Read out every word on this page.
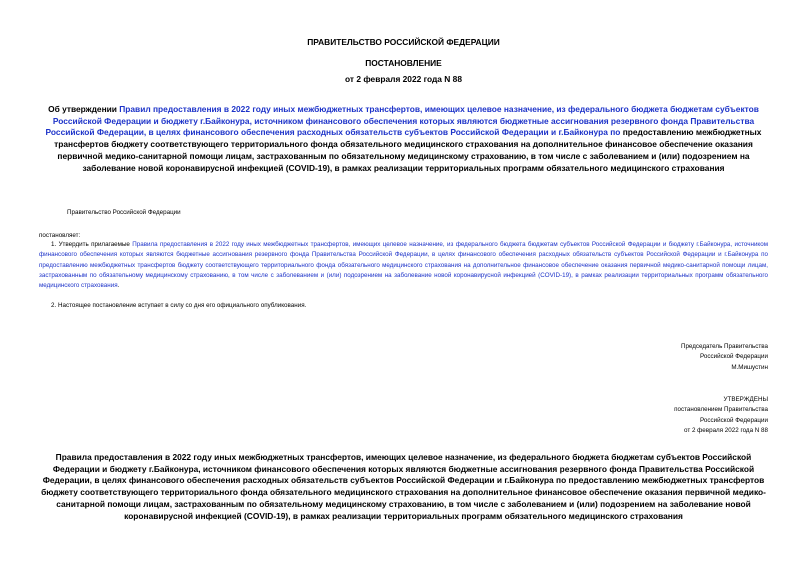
ПРАВИТЕЛЬСТВО РОССИЙСКОЙ ФЕДЕРАЦИИ
ПОСТАНОВЛЕНИЕ
от 2 февраля 2022 года N 88
Об утверждении Правил предоставления в 2022 году иных межбюджетных трансфертов, имеющих целевое назначение, из федерального бюджета бюджетам субъектов Российской Федерации и бюджету г.Байконура, источником финансового обеспечения которых являются бюджетные ассигнования резервного фонда Правительства Российской Федерации, в целях финансового обеспечения расходных обязательств субъектов Российской Федерации и г.Байконура по предоставлению межбюджетных трансфертов бюджету соответствующего территориального фонда обязательного медицинского страхования на дополнительное финансовое обеспечение оказания первичной медико-санитарной помощи лицам, застрахованным по обязательному медицинскому страхованию, в том числе с заболеванием и (или) подозрением на заболевание новой коронавирусной инфекцией (COVID-19), в рамках реализации территориальных программ обязательного медицинского страхования
Правительство Российской Федерации
постановляет:
1. Утвердить прилагаемые Правила предоставления в 2022 году иных межбюджетных трансфертов, имеющих целевое назначение, из федерального бюджета бюджетам субъектов Российской Федерации и бюджету г.Байконура, источником финансового обеспечения которых являются бюджетные ассигнования резервного фонда Правительства Российской Федерации, в целях финансового обеспечения расходных обязательств субъектов Российской Федерации и г.Байконура по предоставлению межбюджетных трансфертов бюджету соответствующего территориального фонда обязательного медицинского страхования на дополнительное финансовое обеспечение оказания первичной медико-санитарной помощи лицам, застрахованным по обязательному медицинскому страхованию, в том числе с заболеванием и (или) подозрением на заболевание новой коронавирусной инфекцией (COVID-19), в рамках реализации территориальных программ обязательного медицинского страхования.
2. Настоящее постановление вступает в силу со дня его официального опубликования.
Председатель Правительства
Российской Федерации
М.Мишустин
УТВЕРЖДЕНЫ
постановлением Правительства
Российской Федерации
от 2 февраля 2022 года N 88
Правила предоставления в 2022 году иных межбюджетных трансфертов, имеющих целевое назначение, из федерального бюджета бюджетам субъектов Российской Федерации и бюджету г.Байконура, источником финансового обеспечения которых являются бюджетные ассигнования резервного фонда Правительства Российской Федерации, в целях финансового обеспечения расходных обязательств субъектов Российской Федерации и г.Байконура по предоставлению межбюджетных трансфертов бюджету соответствующего территориального фонда обязательного медицинского страхования на дополнительное финансовое обеспечение оказания первичной медико-санитарной помощи лицам, застрахованным по обязательному медицинскому страхованию, в том числе с заболеванием и (или) подозрением на заболевание новой коронавирусной инфекцией (COVID-19), в рамках реализации территориальных программ обязательного медицинского страхования
